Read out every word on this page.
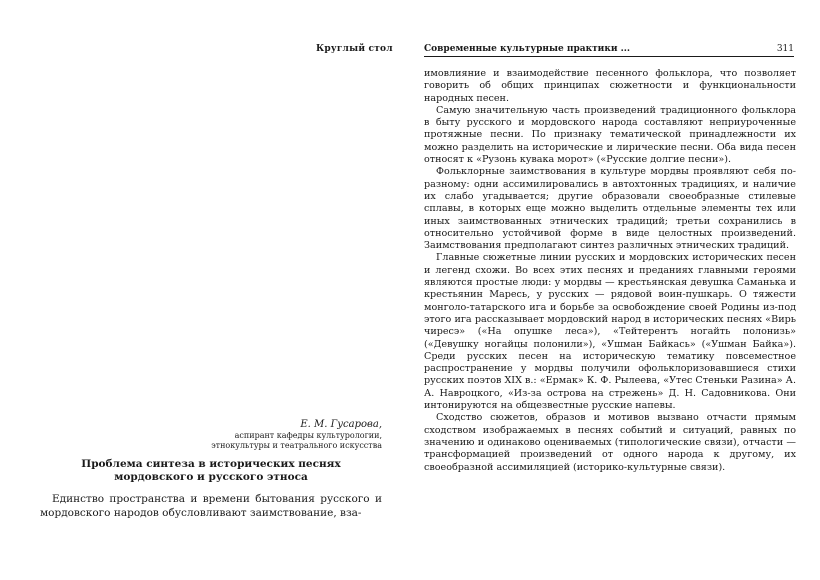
Круглый стол
Е. М. Гусарова,
аспирант кафедры культурологии,
этнокультуры и театрального искусства
Проблема синтеза в исторических песнях
мордовского и русского этноса

Единство пространства и времени бытования русского и мордовского народов обусловливают заимствование, вза-

Современные культурные практики ...	311

имовлияние и взаимодействие песенного фольклора, что позволяет говорить об общих принципах сюжетности и функциональности народных песен.

Самую значительную часть произведений традиционного фольклора в быту русского и мордовского народа составляют неприуроченные протяжные песни. По признаку тематической принадлежности их можно разделить на исторические и лирические песни. Оба вида песен относят к «Рузонь кувака морот» («Русские долгие песни»).

Фольклорные заимствования в культуре мордвы проявляют себя по-разному: одни ассимилировались в автохтонных традициях, и наличие их слабо угадывается; другие образовали своеобразные стилевые сплавы, в которых еще можно выделить отдельные элементы тех или иных заимствованных этнических традиций; третьи сохранились в относительно устойчивой форме в виде целостных произведений. Заимствования предполагают синтез различных этнических традиций.

Главные сюжетные линии русских и мордовских исторических песен и легенд схожи. Во всех этих песнях и преданиях главными героями являются простые люди: у мордвы — крестьянская девушка Саманька и крестьянин Маресь, у русских — рядовой воин-пушкарь. О тяжести монголо-татарского ига и борьбе за освобождение своей Родины из-под этого ига рассказывает мордовский народ в исторических песнях «Вирь чиресэ» («На опушке леса»), «Тейтерентъ ногайть полонизь» («Девушку ногайцы полонили»), «Ушман Байкась» («Ушман Байка»). Среди русских песен на историческую тематику повсеместное распространение у мордвы получили офольклоризовавшиеся стихи русских поэтов XIX в.: «Ермак» К. Ф. Рылеева, «Утес Стеньки Разина» А. А. Навроцкого, «Из-за острова на стрежень» Д. Н. Садовникова. Они интонируются на общезвестные русские напевы.

Сходство сюжетов, образов и мотивов вызвано отчасти прямым сходством изображаемых в песнях событий и ситуаций, равных по значению и одинаково оцениваемых (типологические связи), отчасти — трансформацией произведений от одного народа к другому, их своеобразной ассимиляцией (историко-культурные связи).
